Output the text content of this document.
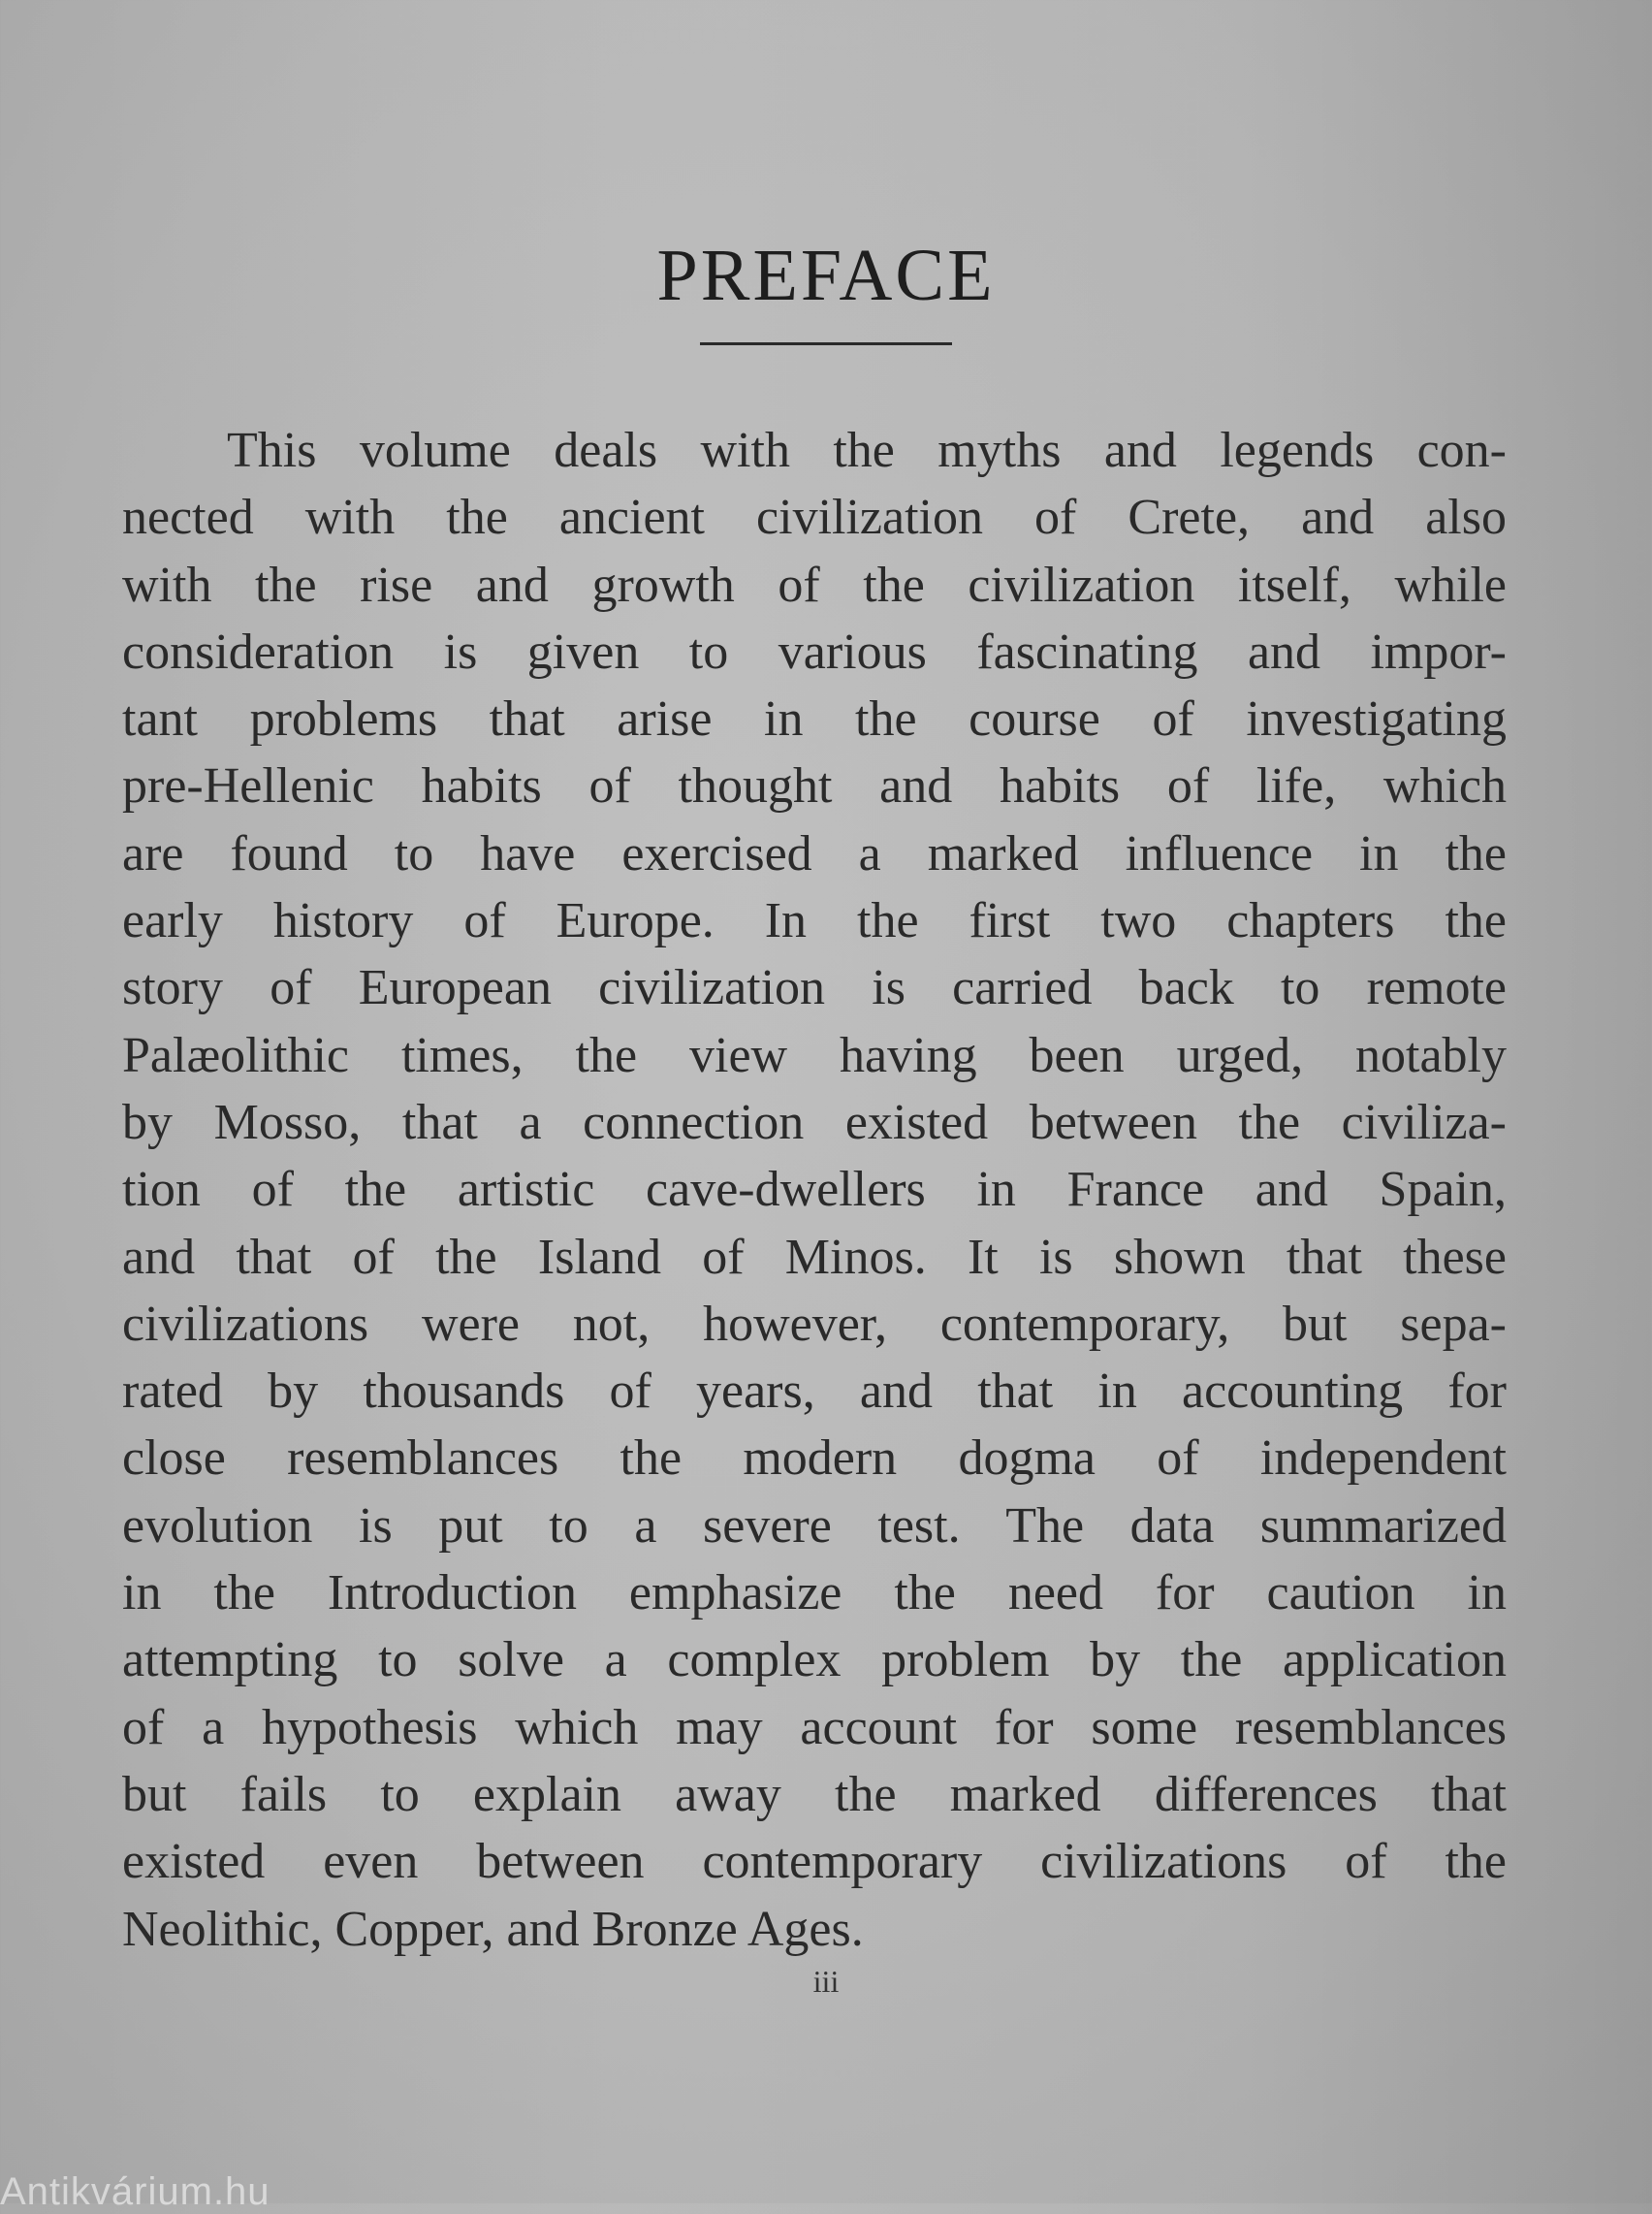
PREFACE
This volume deals with the myths and legends con-
nected with the ancient civilization of Crete, and also
with the rise and growth of the civilization itself, while
consideration is given to various fascinating and impor-
tant problems that arise in the course of investigating
pre-Hellenic habits of thought and habits of life, which
are found to have exercised a marked influence in the
early history of Europe. In the first two chapters the
story of European civilization is carried back to remote
Palæolithic times, the view having been urged, notably
by Mosso, that a connection existed between the civiliza-
tion of the artistic cave-dwellers in France and Spain,
and that of the Island of Minos. It is shown that these
civilizations were not, however, contemporary, but sepa-
rated by thousands of years, and that in accounting for
close resemblances the modern dogma of independent
evolution is put to a severe test. The data summarized
in the Introduction emphasize the need for caution in
attempting to solve a complex problem by the application
of a hypothesis which may account for some resemblances
but fails to explain away the marked differences that
existed even between contemporary civilizations of the
Neolithic, Copper, and Bronze Ages.
iii
Antikvárium.hu
